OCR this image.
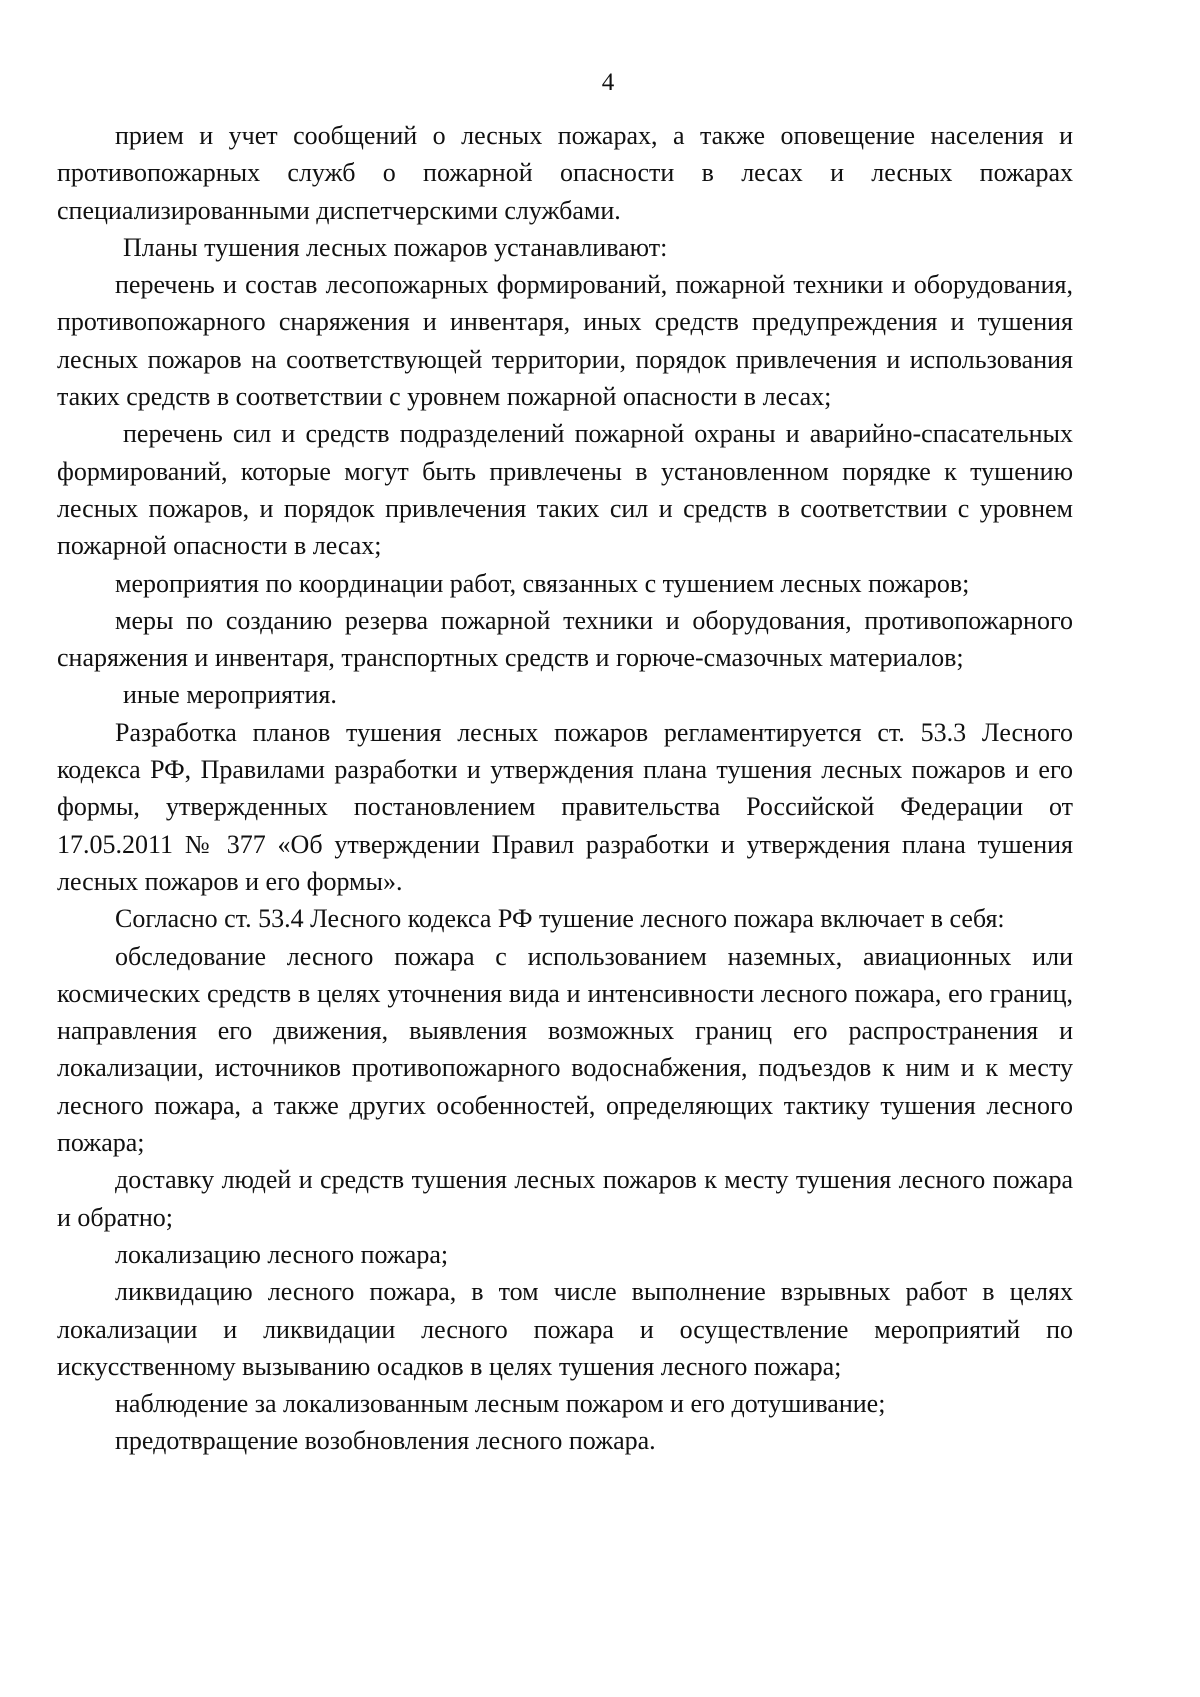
4

прием и учет сообщений о лесных пожарах, а также оповещение населения и противопожарных служб о пожарной опасности в лесах и лесных пожарах специализированными диспетчерскими службами.

Планы тушения лесных пожаров устанавливают:

перечень и состав лесопожарных формирований, пожарной техники и оборудования, противопожарного снаряжения и инвентаря, иных средств предупреждения и тушения лесных пожаров на соответствующей территории, порядок привлечения и использования таких средств в соответствии с уровнем пожарной опасности в лесах;

перечень сил и средств подразделений пожарной охраны и аварийно-спасательных формирований, которые могут быть привлечены в установленном порядке к тушению лесных пожаров, и порядок привлечения таких сил и средств в соответствии с уровнем пожарной опасности в лесах;

мероприятия по координации работ, связанных с тушением лесных пожаров;

меры по созданию резерва пожарной техники и оборудования, противопожарного снаряжения и инвентаря, транспортных средств и горюче-смазочных материалов;

иные мероприятия.

Разработка планов тушения лесных пожаров регламентируется ст. 53.3 Лесного кодекса РФ, Правилами разработки и утверждения плана тушения лесных пожаров и его формы, утвержденных постановлением правительства Российской Федерации от 17.05.2011 № 377 «Об утверждении Правил разработки и утверждения плана тушения лесных пожаров и его формы».

Согласно ст. 53.4 Лесного кодекса РФ тушение лесного пожара включает в себя:

обследование лесного пожара с использованием наземных, авиационных или космических средств в целях уточнения вида и интенсивности лесного пожара, его границ, направления его движения, выявления возможных границ его распространения и локализации, источников противопожарного водоснабжения, подъездов к ним и к месту лесного пожара, а также других особенностей, определяющих тактику тушения лесного пожара;

доставку людей и средств тушения лесных пожаров к месту тушения лесного пожара и обратно;

локализацию лесного пожара;

ликвидацию лесного пожара, в том числе выполнение взрывных работ в целях локализации и ликвидации лесного пожара и осуществление мероприятий по искусственному вызыванию осадков в целях тушения лесного пожара;

наблюдение за локализованным лесным пожаром и его дотушивание;

предотвращение возобновления лесного пожара.
